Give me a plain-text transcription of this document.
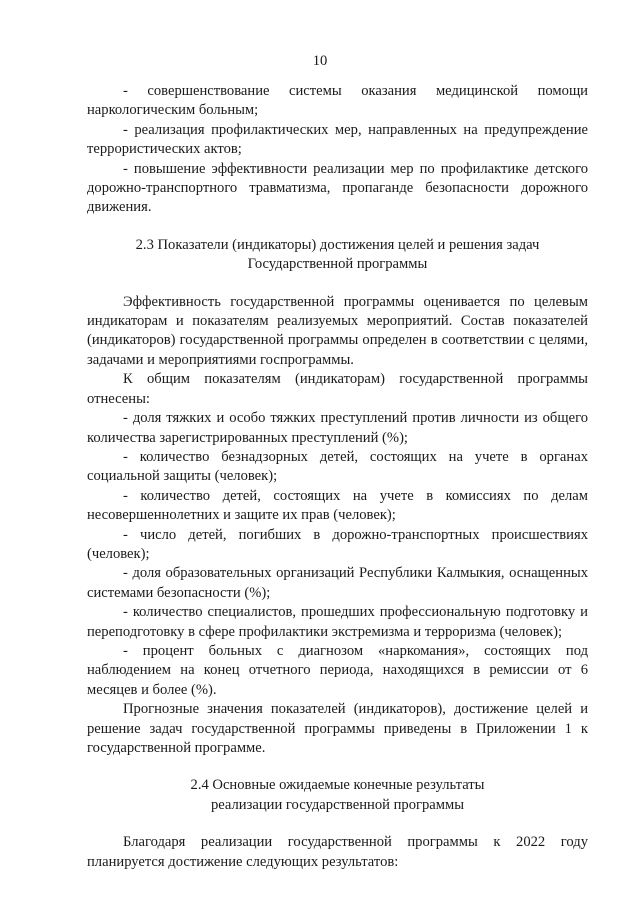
10

- совершенствование системы оказания медицинской помощи наркологическим больным;

- реализация профилактических мер, направленных на предупреждение террористических актов;

- повышение эффективности реализации мер по профилактике детского дорожно-транспортного травматизма, пропаганде безопасности дорожного движения.

2.3 Показатели (индикаторы) достижения целей и решения задач

Государственной программы

Эффективность государственной программы оценивается по целевым индикаторам и показателям реализуемых мероприятий. Состав показателей (индикаторов) государственной программы определен в соответствии с целями, задачами и мероприятиями госпрограммы.

К общим показателям (индикаторам) государственной программы отнесены:

- доля тяжких и особо тяжких преступлений против личности из общего количества зарегистрированных преступлений (%);

- количество безнадзорных детей, состоящих на учете в органах социальной защиты (человек);

- количество детей, состоящих на учете в комиссиях по делам несовершеннолетних и защите их прав (человек);

- число детей, погибших в дорожно-транспортных происшествиях (человек);

- доля образовательных организаций Республики Калмыкия, оснащенных системами безопасности (%);

- количество специалистов, прошедших профессиональную подготовку и переподготовку в сфере профилактики экстремизма и терроризма (человек);

- процент больных с диагнозом «наркомания», состоящих под наблюдением на конец отчетного периода, находящихся в ремиссии от 6 месяцев и более (%).

Прогнозные значения показателей (индикаторов), достижение целей и решение задач государственной программы приведены в Приложении 1 к государственной программе.

2.4 Основные ожидаемые конечные результаты

реализации государственной программы

Благодаря реализации государственной программы к 2022 году планируется достижение следующих результатов:
